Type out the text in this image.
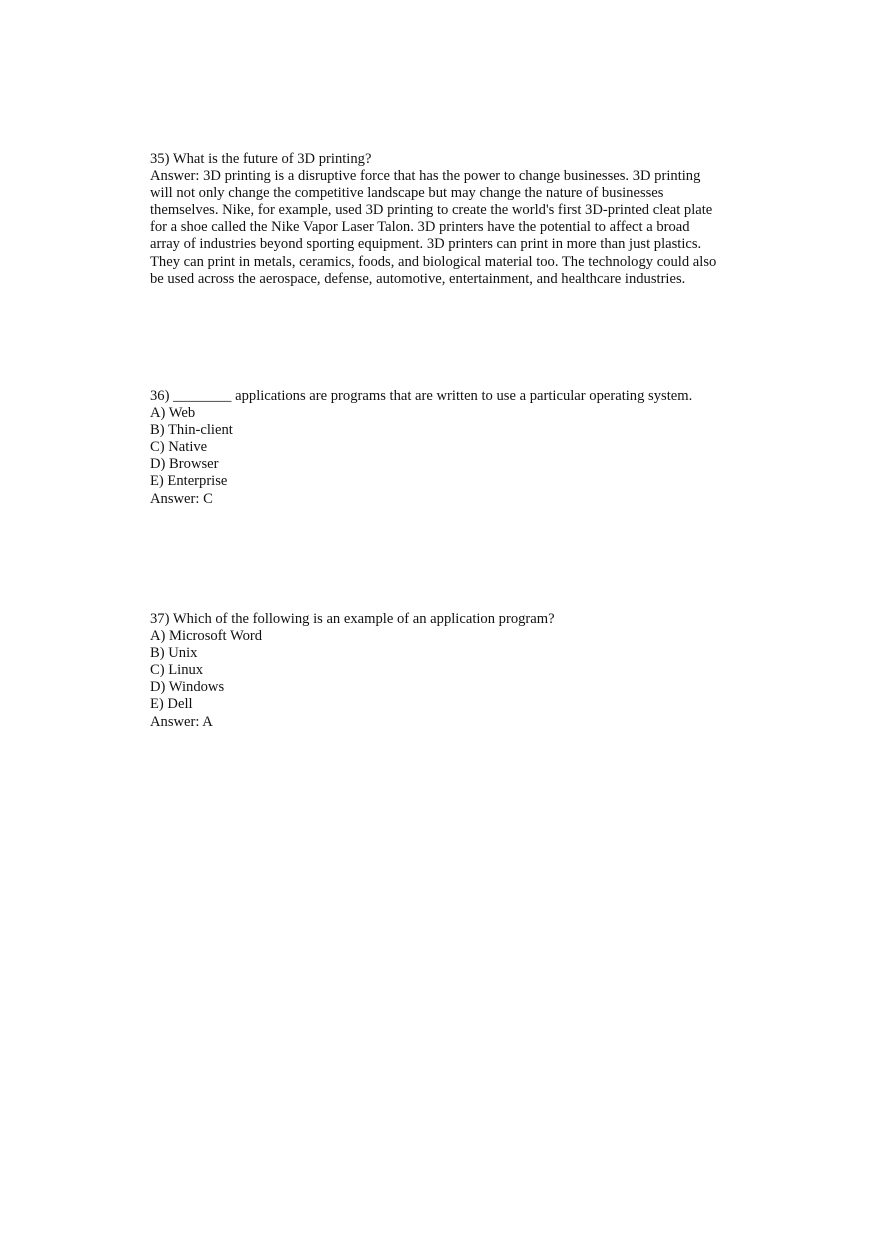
35) What is the future of 3D printing?
Answer: 3D printing is a disruptive force that has the power to change businesses. 3D printing
will not only change the competitive landscape but may change the nature of businesses
themselves. Nike, for example, used 3D printing to create the world's first 3D-printed cleat plate
for a shoe called the Nike Vapor Laser Talon. 3D printers have the potential to affect a broad
array of industries beyond sporting equipment. 3D printers can print in more than just plastics.
They can print in metals, ceramics, foods, and biological material too. The technology could also
be used across the aerospace, defense, automotive, entertainment, and healthcare industries.
36) ________ applications are programs that are written to use a particular operating system.
A) Web
B) Thin-client
C) Native
D) Browser
E) Enterprise
Answer: C
37) Which of the following is an example of an application program?
A) Microsoft Word
B) Unix
C) Linux
D) Windows
E) Dell
Answer: A
